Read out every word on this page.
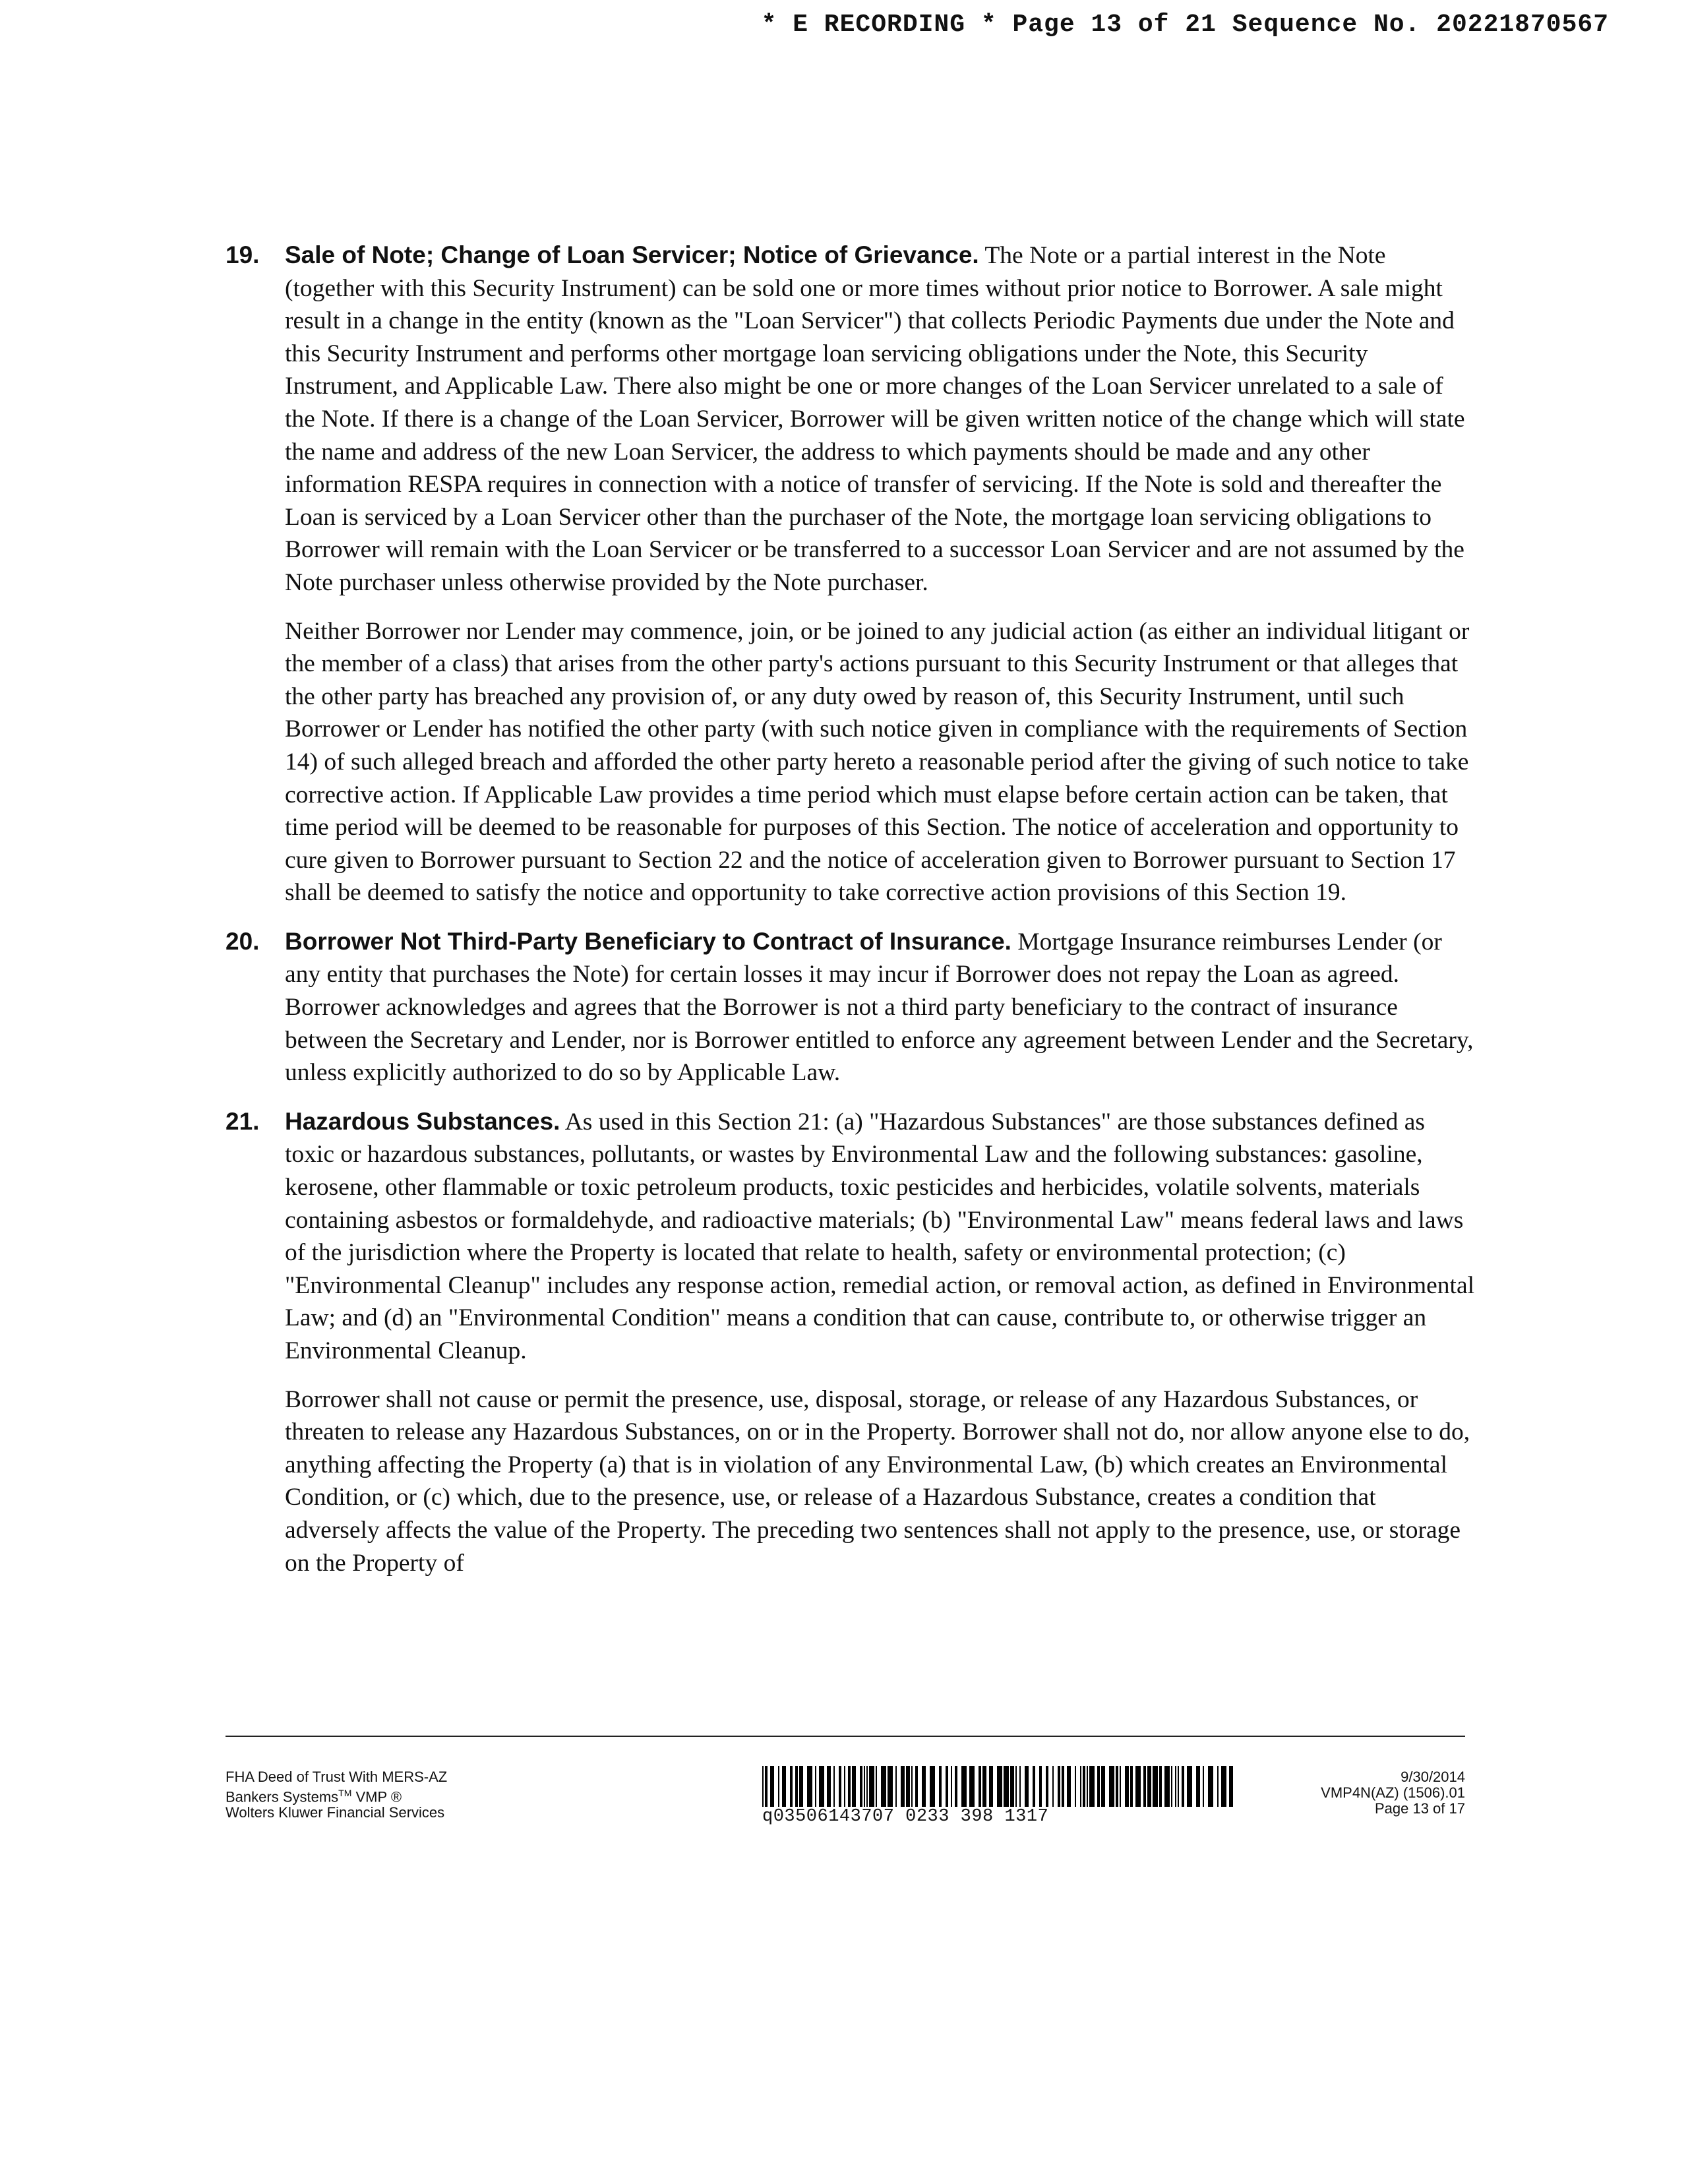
* E RECORDING * Page 13 of 21 Sequence No. 20221870567
19. Sale of Note; Change of Loan Servicer; Notice of Grievance. The Note or a partial interest in the Note (together with this Security Instrument) can be sold one or more times without prior notice to Borrower. A sale might result in a change in the entity (known as the "Loan Servicer") that collects Periodic Payments due under the Note and this Security Instrument and performs other mortgage loan servicing obligations under the Note, this Security Instrument, and Applicable Law. There also might be one or more changes of the Loan Servicer unrelated to a sale of the Note. If there is a change of the Loan Servicer, Borrower will be given written notice of the change which will state the name and address of the new Loan Servicer, the address to which payments should be made and any other information RESPA requires in connection with a notice of transfer of servicing. If the Note is sold and thereafter the Loan is serviced by a Loan Servicer other than the purchaser of the Note, the mortgage loan servicing obligations to Borrower will remain with the Loan Servicer or be transferred to a successor Loan Servicer and are not assumed by the Note purchaser unless otherwise provided by the Note purchaser.

Neither Borrower nor Lender may commence, join, or be joined to any judicial action (as either an individual litigant or the member of a class) that arises from the other party's actions pursuant to this Security Instrument or that alleges that the other party has breached any provision of, or any duty owed by reason of, this Security Instrument, until such Borrower or Lender has notified the other party (with such notice given in compliance with the requirements of Section 14) of such alleged breach and afforded the other party hereto a reasonable period after the giving of such notice to take corrective action. If Applicable Law provides a time period which must elapse before certain action can be taken, that time period will be deemed to be reasonable for purposes of this Section. The notice of acceleration and opportunity to cure given to Borrower pursuant to Section 22 and the notice of acceleration given to Borrower pursuant to Section 17 shall be deemed to satisfy the notice and opportunity to take corrective action provisions of this Section 19.

20. Borrower Not Third-Party Beneficiary to Contract of Insurance. Mortgage Insurance reimburses Lender (or any entity that purchases the Note) for certain losses it may incur if Borrower does not repay the Loan as agreed. Borrower acknowledges and agrees that the Borrower is not a third party beneficiary to the contract of insurance between the Secretary and Lender, nor is Borrower entitled to enforce any agreement between Lender and the Secretary, unless explicitly authorized to do so by Applicable Law.

21. Hazardous Substances. As used in this Section 21: (a) "Hazardous Substances" are those substances defined as toxic or hazardous substances, pollutants, or wastes by Environmental Law and the following substances: gasoline, kerosene, other flammable or toxic petroleum products, toxic pesticides and herbicides, volatile solvents, materials containing asbestos or formaldehyde, and radioactive materials; (b) "Environmental Law" means federal laws and laws of the jurisdiction where the Property is located that relate to health, safety or environmental protection; (c) "Environmental Cleanup" includes any response action, remedial action, or removal action, as defined in Environmental Law; and (d) an "Environmental Condition" means a condition that can cause, contribute to, or otherwise trigger an Environmental Cleanup.

Borrower shall not cause or permit the presence, use, disposal, storage, or release of any Hazardous Substances, or threaten to release any Hazardous Substances, on or in the Property. Borrower shall not do, nor allow anyone else to do, anything affecting the Property (a) that is in violation of any Environmental Law, (b) which creates an Environmental Condition, or (c) which, due to the presence, use, or release of a Hazardous Substance, creates a condition that adversely affects the value of the Property. The preceding two sentences shall not apply to the presence, use, or storage on the Property of

FHA Deed of Trust With MERS-AZ
Bankers Systems™ VMP ®
Wolters Kluwer Financial Services	q03506143707 0233 398 1317
9/30/2014
VMP4N(AZ) (1506).01
Page 13 of 17
